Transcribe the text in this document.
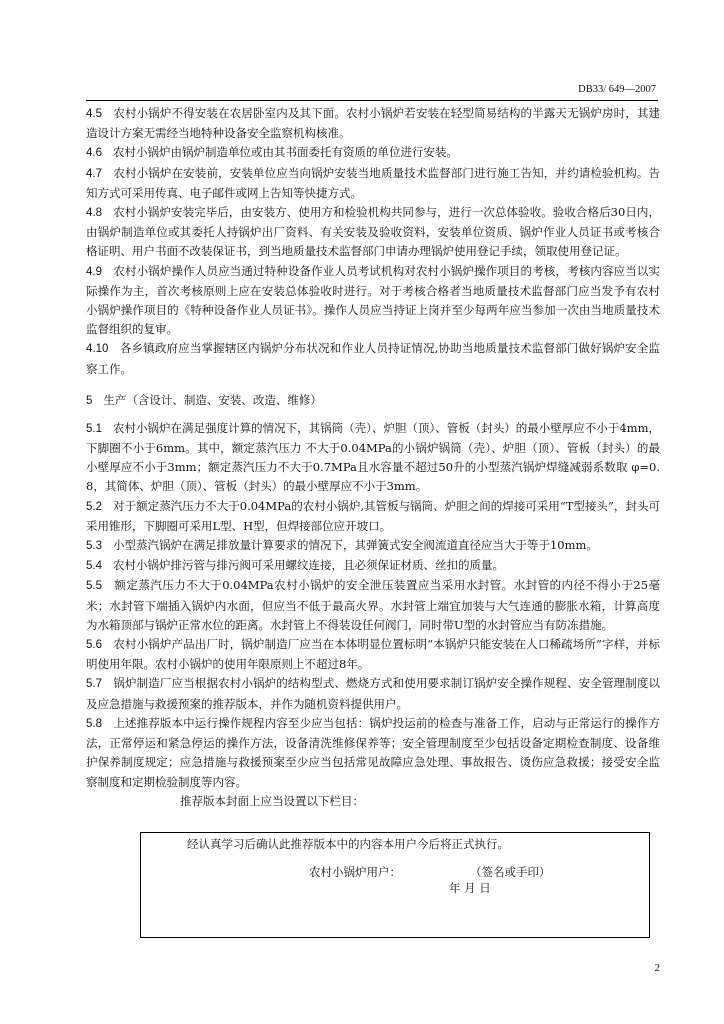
DB33/ 649—2007

4.5 农村小锅炉不得安装在农居卧室内及其下面。农村小锅炉若安装在轻型简易结构的半露天无锅炉房时，其建造设计方案无需经当地特种设备安全监察机构核准。

4.6 农村小锅炉由锅炉制造单位或由其书面委托有资质的单位进行安装。

4.7 农村小锅炉在安装前，安装单位应当向锅炉安装当地质量技术监督部门进行施工告知，并约请检验机构。告知方式可采用传真、电子邮件或网上告知等快捷方式。

4.8 农村小锅炉安装完毕后，由安装方、使用方和检验机构共同参与，进行一次总体验收。验收合格后30日内，由锅炉制造单位或其委托人持锅炉出厂资料、有关安装及验收资料，安装单位资质、锅炉作业人员证书或考核合格证明、用户书面不改装保证书，到当地质量技术监督部门申请办理锅炉使用登记手续，领取使用登记证。

4.9 农村小锅炉操作人员应当通过特种设备作业人员考试机构对农村小锅炉操作项目的考核，考核内容应当以实际操作为主，首次考核原则上应在安装总体验收时进行。对于考核合格者当地质量技术监督部门应当发予有农村小锅炉操作项目的《特种设备作业人员证书》。操作人员应当持证上岗并至少每两年应当参加一次由当地质量技术监督组织的复审。

4.10 各乡镇政府应当掌握辖区内锅炉分布状况和作业人员持证情况,协助当地质量技术监督部门做好锅炉安全监察工作。

5 生产（含设计、制造、安装、改造、维修）

5.1 农村小锅炉在满足强度计算的情况下，其锅筒（壳）、炉胆（顶）、管板（封头）的最小壁厚应不小于4mm，下脚圈不小于6mm。其中，额定蒸汽压力 不大于0.04MPa的小锅炉锅筒（壳）、炉胆（顶）、管板（封头）的最小壁厚应不小于3mm；额定蒸汽压力不大于0.7MPa且水容量不超过50升的小型蒸汽锅炉焊缝减弱系数取 φ=0.8，其简体、炉胆（顶）、管板（封头）的最小壁厚应不小于3mm。

5.2 对于额定蒸汽压力不大于0.04MPa的农村小锅炉,其管板与锅筒、炉胆之间的焊接可采用“T型接头”，封头可采用锥形，下脚圈可采用L型、H型，但焊接部位应开坡口。

5.3 小型蒸汽锅炉在满足排放量计算要求的情况下，其弹簧式安全阀流道直径应当大于等于10mm。

5.4 农村小锅炉排污管与排污阀可采用螺纹连接，且必须保证材质、丝扣的质量。

5.5 额定蒸汽压力不大于0.04MPa农村小锅炉的安全泄压装置应当采用水封管。水封管的内径不得小于25毫米；水封管下端插入锅炉内水面，但应当不低于最高火界。水封管上端宜加装与大气连通的膨胀水箱，计算高度为水箱顶部与锅炉正常水位的距离。水封管上不得装设任何阀门，同时带U型的水封管应当有防冻措施。

5.6 农村小锅炉产品出厂时，锅炉制造厂应当在本体明显位置标明“本锅炉只能安装在人口稀疏场所”字样，并标明使用年限。农村小锅炉的使用年限原则上不超过8年。

5.7 锅炉制造厂应当根据农村小锅炉的结构型式、燃烧方式和使用要求制订锅炉安全操作规程、安全管理制度以及应急措施与救援预案的推荐版本，并作为随机资料提供用户。

5.8 上述推荐版本中运行操作规程内容至少应当包括：锅炉投运前的检查与准备工作，启动与正常运行的操作方法，正常停运和紧急停运的操作方法，设备清洗维修保养等；安全管理制度至少包括设备定期检查制度、设备维护保养制度规定；应急措施与救援预案至少应当包括常见故障应急处理、事故报告、烫伤应急救援；接受安全监察制度和定期检验制度等内容。

推荐版本封面上应当设置以下栏目：

经认真学习后确认此推荐版本中的内容本用户今后将正式执行。
农村小锅炉用户：	（签名或手印）
年 月 日
2
